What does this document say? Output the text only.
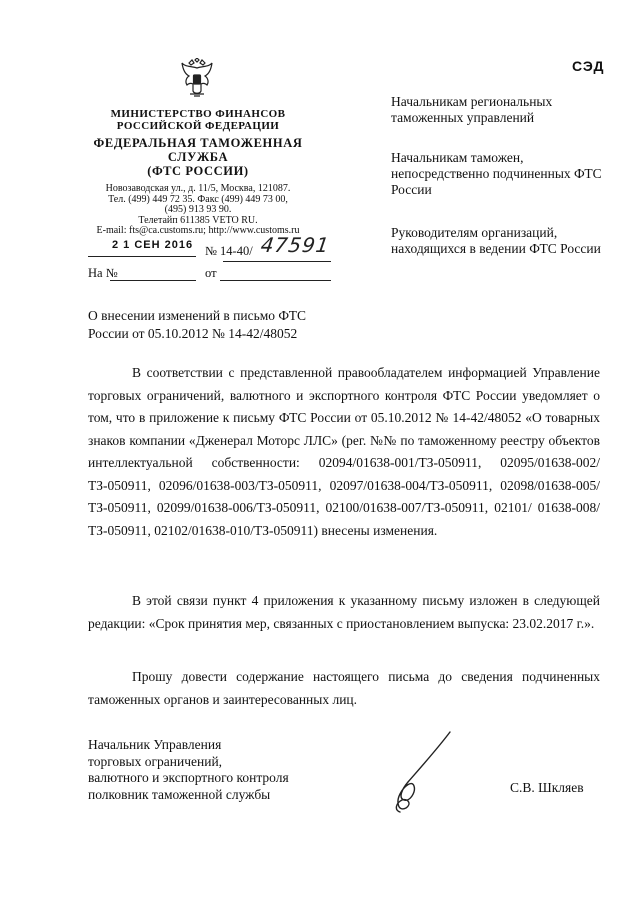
СЭД
МИНИСТЕРСТВО ФИНАНСОВ РОССИЙСКОЙ ФЕДЕРАЦИИ
ФЕДЕРАЛЬНАЯ ТАМОЖЕННАЯ СЛУЖБА
(ФТС РОССИИ)
Новозаводская ул., д. 11/5, Москва, 121087.
Тел. (499) 449 72 35. Факс (499) 449 73 00,
(495) 913 93 90.
Телетайп 611385 VETO RU.
E-mail: fts@ca.customs.ru; http://www.customs.ru
2 1 СЕН 2016 № 14-40/ 47591
На №	от
Начальникам региональных таможенных управлений
Начальникам таможен, непосредственно подчиненных ФТС России
Руководителям организаций, находящихся в ведении ФТС России
О внесении изменений в письмо ФТС России от 05.10.2012 № 14-42/48052
В соответствии с представленной правообладателем информацией Управление торговых ограничений, валютного и экспортного контроля ФТС России уведомляет о том, что в приложение к письму ФТС России от 05.10.2012 № 14-42/48052 «О товарных знаков компании «Дженерал Моторс ЛЛС» (рег. №№ по таможенному реестру объектов интеллектуальной собственности: 02094/01638-001/ТЗ-050911, 02095/01638-002/ТЗ-050911, 02096/01638-003/ТЗ-050911, 02097/01638-004/ТЗ-050911, 02098/01638-005/ ТЗ-050911, 02099/01638-006/ТЗ-050911, 02100/01638-007/ТЗ-050911, 02101/ 01638-008/ТЗ-050911, 02102/01638-010/ТЗ-050911) внесены изменения.
В этой связи пункт 4 приложения к указанному письму изложен в следующей редакции: «Срок принятия мер, связанных с приостановлением выпуска: 23.02.2017 г.».
Прошу довести содержание настоящего письма до сведения подчиненных таможенных органов и заинтересованных лиц.
Начальник Управления
торговых ограничений,
валютного и экспортного контроля
полковник таможенной службы	С.В. Шкляев
